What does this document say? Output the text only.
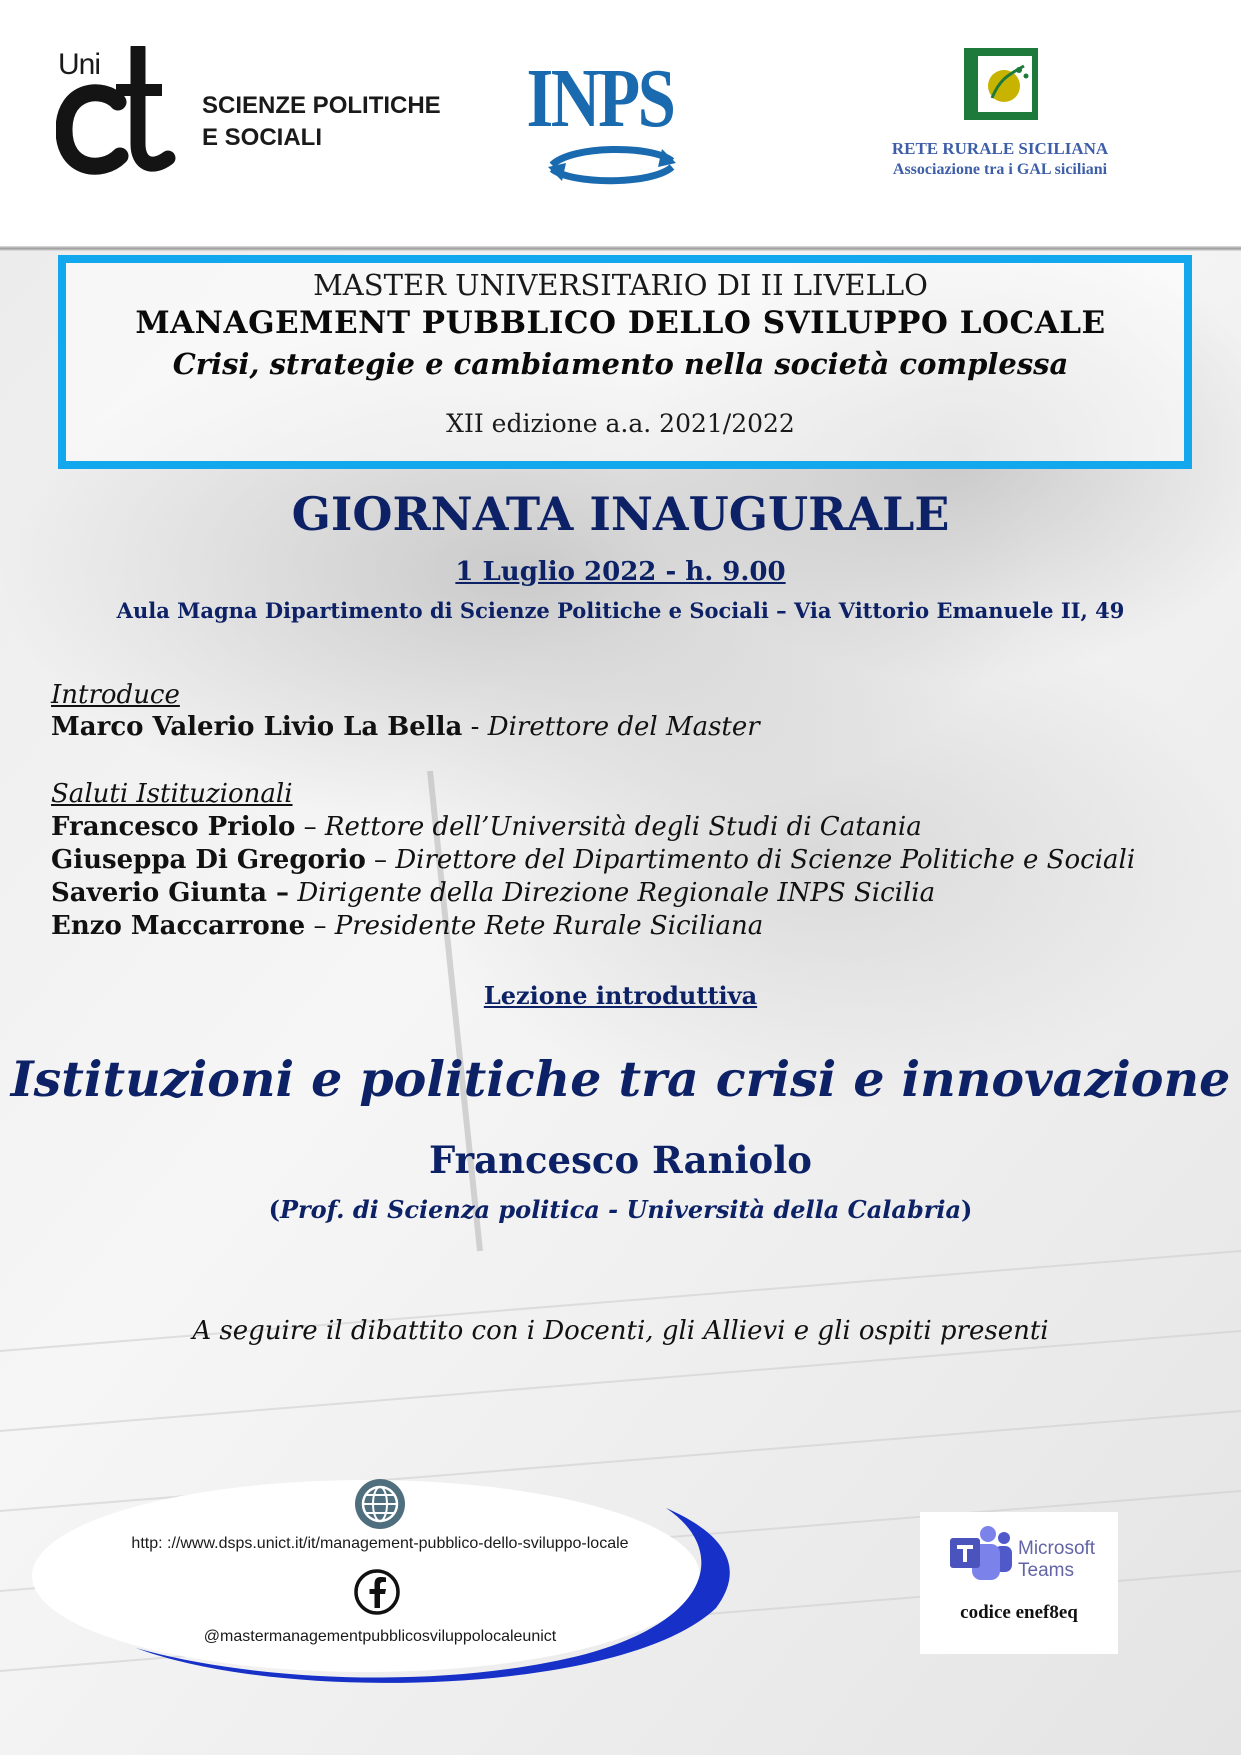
Uni
SCIENZE POLITICHE
E SOCIALI INPS
RETE RURALE SICILIANA
Associazione tra i GAL siciliani
MASTER UNIVERSITARIO DI II LIVELLO
MANAGEMENT PUBBLICO DELLO SVILUPPO LOCALE
Crisi, strategie e cambiamento nella società complessa
XII edizione a.a. 2021/2022
GIORNATA INAUGURALE
1 Luglio 2022 - h. 9.00
Aula Magna Dipartimento di Scienze Politiche e Sociali – Via Vittorio Emanuele II, 49
Introduce
Marco Valerio Livio La Bella - Direttore del Master
Saluti Istituzionali
Francesco Priolo – Rettore dell’Università degli Studi di Catania
Giuseppa Di Gregorio – Direttore del Dipartimento di Scienze Politiche e Sociali
Saverio Giunta – Dirigente della Direzione Regionale INPS Sicilia
Enzo Maccarrone – Presidente Rete Rurale Siciliana
Lezione introduttiva
Istituzioni e politiche tra crisi e innovazione
Francesco Raniolo
(Prof. di Scienza politica - Università della Calabria)
A seguire il dibattito con i Docenti, gli Allievi e gli ospiti presenti
http: ://www.dsps.unict.it/it/management-pubblico-dello-sviluppo-locale
@mastermanagementpubblicosviluppolocaleunict
Microsoft
Teams
codice enef8eq
